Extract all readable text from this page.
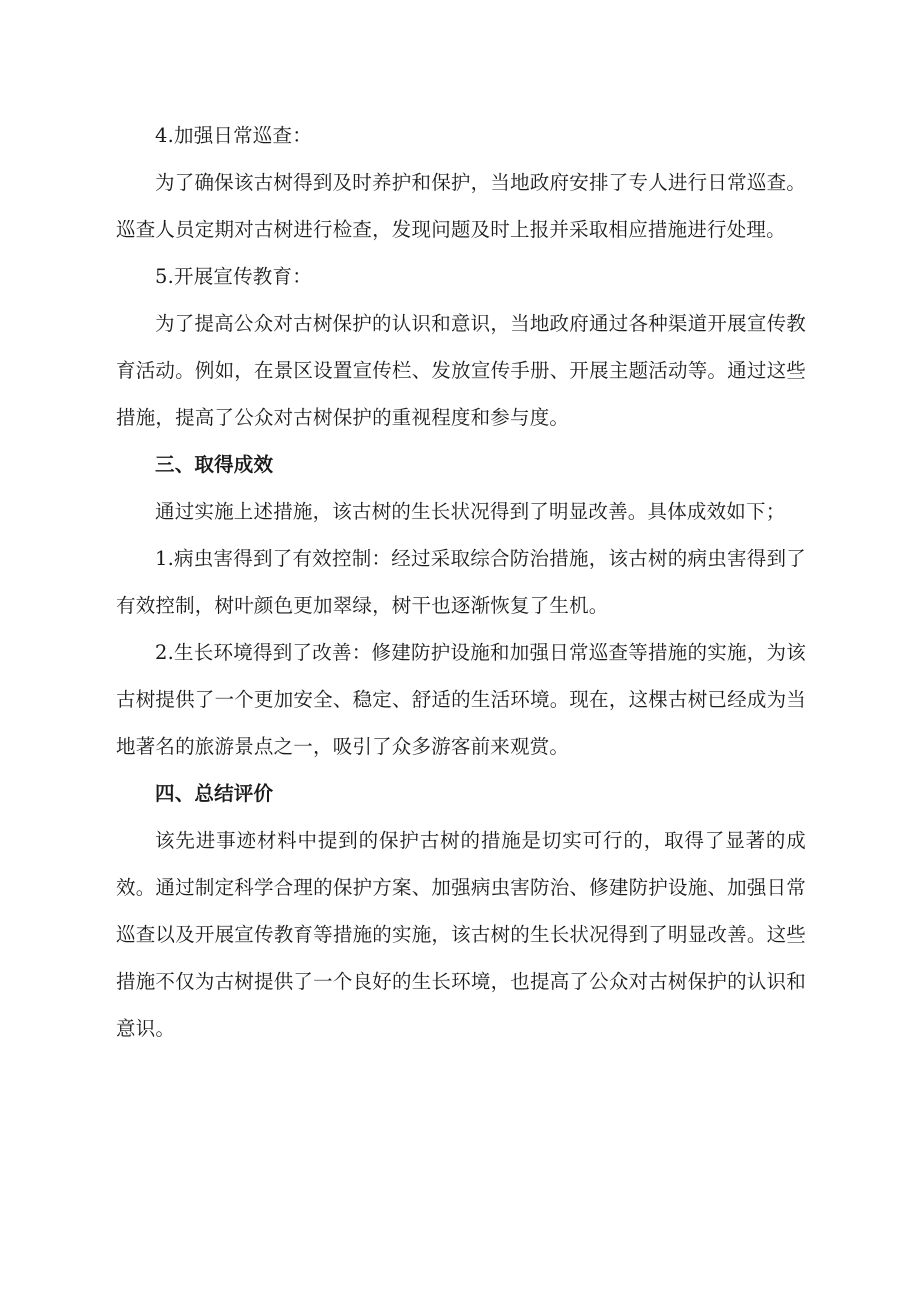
4.加强日常巡查：

为了确保该古树得到及时养护和保护，当地政府安排了专人进行日常巡查。巡查人员定期对古树进行检查，发现问题及时上报并采取相应措施进行处理。

5.开展宣传教育：

为了提高公众对古树保护的认识和意识，当地政府通过各种渠道开展宣传教育活动。例如，在景区设置宣传栏、发放宣传手册、开展主题活动等。通过这些措施，提高了公众对古树保护的重视程度和参与度。

三、取得成效

通过实施上述措施，该古树的生长状况得到了明显改善。具体成效如下；

1.病虫害得到了有效控制：经过采取综合防治措施，该古树的病虫害得到了有效控制，树叶颜色更加翠绿，树干也逐渐恢复了生机。

2.生长环境得到了改善：修建防护设施和加强日常巡查等措施的实施，为该古树提供了一个更加安全、稳定、舒适的生活环境。现在，这棵古树已经成为当地著名的旅游景点之一，吸引了众多游客前来观赏。

四、总结评价

该先进事迹材料中提到的保护古树的措施是切实可行的，取得了显著的成效。通过制定科学合理的保护方案、加强病虫害防治、修建防护设施、加强日常巡查以及开展宣传教育等措施的实施，该古树的生长状况得到了明显改善。这些措施不仅为古树提供了一个良好的生长环境，也提高了公众对古树保护的认识和意识。
